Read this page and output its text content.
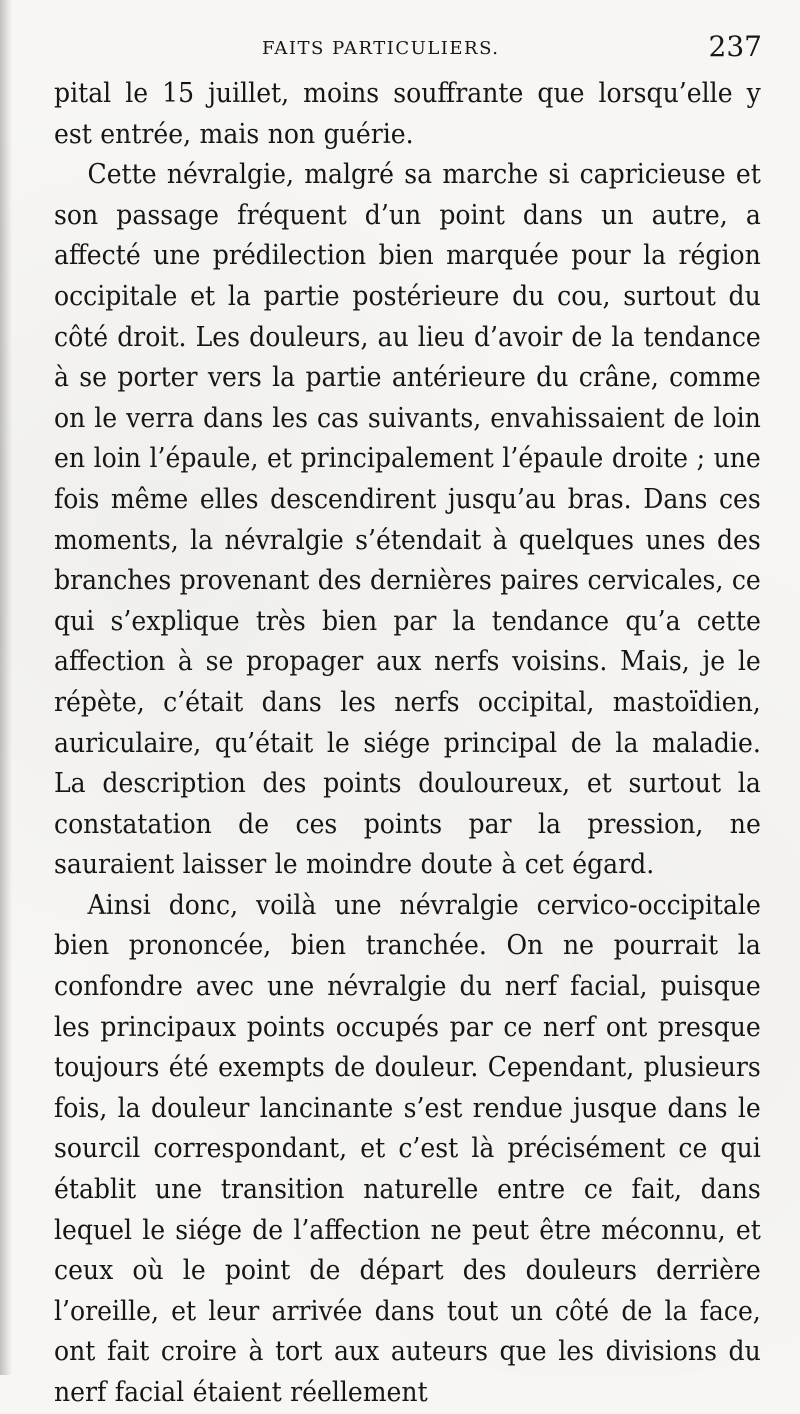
FAITS PARTICULIERS.	237

pital le 15 juillet, moins souffrante que lorsqu’elle y est entrée, mais non guérie.

Cette névralgie, malgré sa marche si capricieuse et son passage fréquent d’un point dans un autre, a affecté une prédilection bien marquée pour la région occipitale et la partie postérieure du cou, surtout du côté droit. Les douleurs, au lieu d’avoir de la tendance à se porter vers la partie antérieure du crâne, comme on le verra dans les cas suivants, envahissaient de loin en loin l’épaule, et principalement l’épaule droite ; une fois même elles descendirent jusqu’au bras. Dans ces moments, la névralgie s’étendait à quelques unes des branches provenant des dernières paires cervicales, ce qui s’explique très bien par la tendance qu’a cette affection à se propager aux nerfs voisins. Mais, je le répète, c’était dans les nerfs occipital, mastoïdien, auriculaire, qu’était le siége principal de la maladie. La description des points douloureux, et surtout la constatation de ces points par la pression, ne sauraient laisser le moindre doute à cet égard.

Ainsi donc, voilà une névralgie cervico-occipitale bien prononcée, bien tranchée. On ne pourrait la confondre avec une névralgie du nerf facial, puisque les principaux points occupés par ce nerf ont presque toujours été exempts de douleur. Cependant, plusieurs fois, la douleur lancinante s’est rendue jusque dans le sourcil correspondant, et c’est là précisément ce qui établit une transition naturelle entre ce fait, dans lequel le siége de l’affection ne peut être méconnu, et ceux où le point de départ des douleurs derrière l’oreille, et leur arrivée dans tout un côté de la face, ont fait croire à tort aux auteurs que les divisions du nerf facial étaient réellement
